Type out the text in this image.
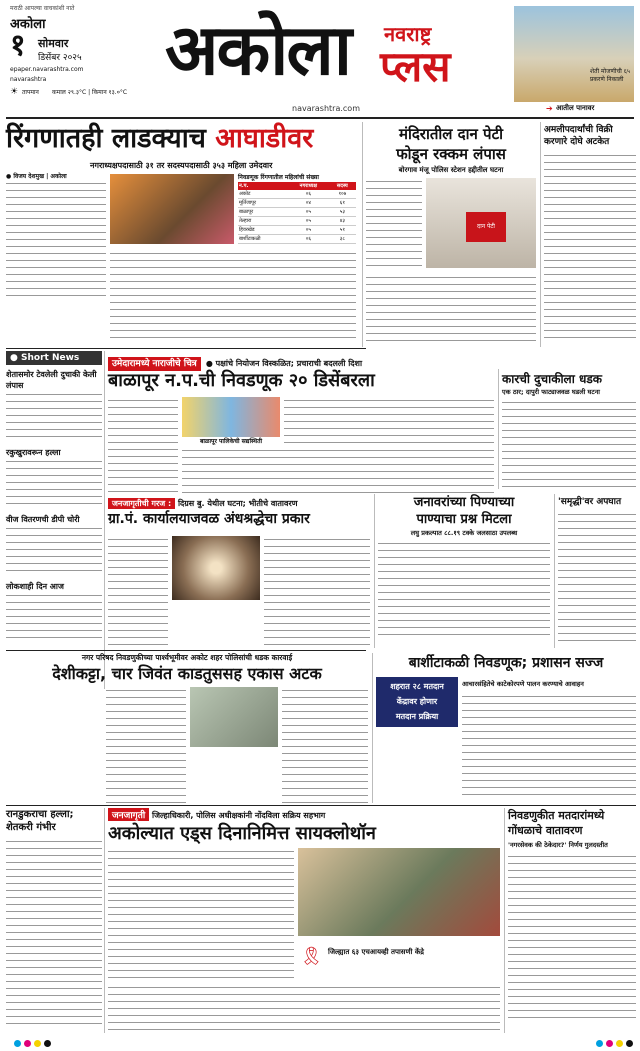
मराठी आपल्या वाचकांशी नाते
अकोला
१ सोमवार
डिसेंबर २०२५
epaper.navarashtra.com
navarashtra
☀ तापमान कमाल २९.३°C | किमान १३.०°C
अकोला नवराष्ट्र
प्लस
navarashtra.com
शेती मोजणीची ६५ प्रकरणे निकाली
➔ आतील पानावर
रिंगणातही लाडक्याच आघाडीवर
नगराध्यक्षपदासाठी ३१ तर सदस्यपदासाठी ३५३ महिला उमेदवार
● विजय देशमुख | अकोला	निवडणूक रिंगणातील महिलांची संख्या
न.प.	नगराध्यक्ष	सदस्य
अकोट	०६	१०७
मूर्तिजापूर	०४	६१
बाळापूर	०५	५३
तेल्हारा	०५	४३
हिवरखेड	०५	५१
बार्शीटाकळी	०६	३८
मंदिरातील दान पेटी
फोडून रक्कम लंपास
बोरगाव मंजू पोलिस स्टेशन हद्दीतील घटना
दान पेटी
अमलीपदार्थांची विक्री करणारे दोघे अटकेत
● Short News
शेतासमोर टेवलेली दुचाकी केली लंपास
रकुखुरावरून हल्ला
वीज वितरणची डीपी चोरी
लोकशाही दिन आज
उमेदारामध्ये नाराजीचे चित्र ● पक्षांचे नियोजन विस्कळित; प्रचाराची बदलली दिशा
बाळापूर न.प.ची निवडणूक २० डिसेंबरला
बाळापूर पालिकेची सद्यस्थिती
कारची दुचाकीला धडक
एक ठार; दापुरी फाट्याजवळ घडली घटना
जनजागृतीची गरज : दिग्रस बु. येथील घटना; भीतीचे वातावरण
ग्रा.पं. कार्यालयाजवळ अंधश्रद्धेचा प्रकार
जनावरांच्या पिण्याच्या
पाण्याचा प्रश्न मिटला
लघु प्रकल्पात ८८.१९ टक्के जलसाठा उपलब्ध
'समृद्धी'वर अपघात
नगर परिषद निवडणुकीच्या पार्श्वभूमीवर अकोट शहर पोलिसांची धडक कारवाई
देशीकट्टा, चार जिवंत काडतुससह एकास अटक
बार्शीटाकळी निवडणूक; प्रशासन सज्ज
शहरात २८ मतदान
केंद्रावर होणार
मतदान प्रक्रिया
आचारसंहितेचे काटेकोरपणे पालन करण्याचे आवाहन
रानडुकराचा हल्ला;
शेतकरी गंभीर
जनजागृती जिल्हाधिकारी, पोलिस अधीक्षकांनी नोंदविला सक्रिय सहभाग
अकोल्यात एड्स दिनानिमित्त सायक्लोथॉन
🎗 जिल्ह्यात ६३ एचआयव्ही तपासणी केंद्रे
निवडणुकीत मतदारांमध्ये
गोंधळाचे वातावरण
'नगरसेवक की ठेकेदार?' निर्णय गुलदस्तीत
